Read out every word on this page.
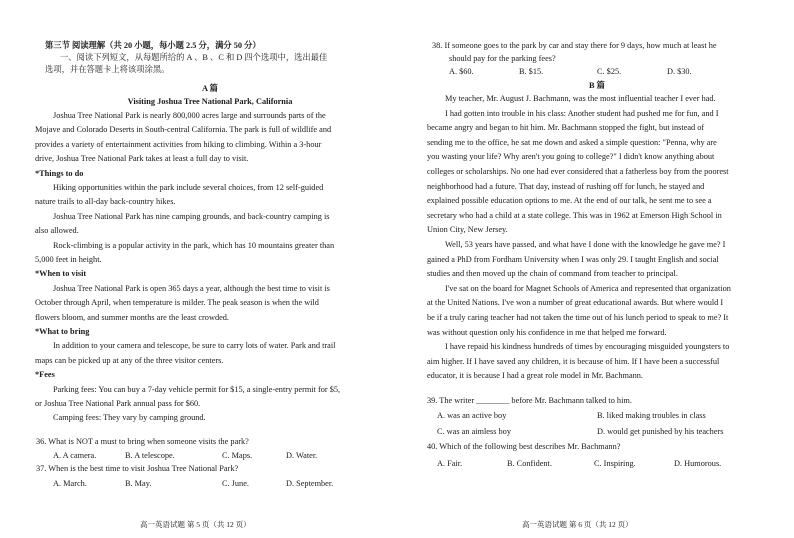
第三节 阅读理解（共 20 小题，每小题 2.5 分，满分 50 分）
一、阅读下列短文，从每题所给的 A 、B 、C 和 D 四个选项中，选出最佳
选项，并在答题卡上将该项涂黑。
A 篇
Visiting Joshua Tree National Park, California
Joshua Tree National Park is nearly 800,000 acres large and surrounds parts of the
Mojave and Colorado Deserts in South-central California. The park is full of wildlife and
provides a variety of entertainment activities from hiking to climbing. Within a 3-hour
drive, Joshua Tree National Park takes at least a full day to visit.
*Things to do
Hiking opportunities within the park include several choices, from 12 self-guided
nature trails to all-day back-country hikes.
Joshua Tree National Park has nine camping grounds, and back-country camping is
also allowed.
Rock-climbing is a popular activity in the park, which has 10 mountains greater than
5,000 feet in height.
*When to visit
Joshua Tree National Park is open 365 days a year, although the best time to visit is
October through April, when temperature is milder. The peak season is when the wild
flowers bloom, and summer months are the least crowded.
*What to bring
In addition to your camera and telescope, be sure to carry lots of water. Park and trail
maps can be picked up at any of the three visitor centers.
*Fees
Parking fees: You can buy a 7-day vehicle permit for $15, a single-entry permit for $5,
or Joshua Tree National Park annual pass for $60.
Camping fees: They vary by camping ground.
36. What is NOT a must to bring when someone visits the park?
A. A camera.	B. A telescope.	C. Maps.	D. Water.
37. When is the best time to visit Joshua Tree National Park?
A. March.	B. May.	C. June.	D. September.
高一英语试题 第 5 页（共 12 页）
38. If someone goes to the park by car and stay there for 9 days, how much at least he
should pay for the parking fees?
A. $60.	B. $15.	C. $25.	D. $30.
B 篇
My teacher, Mr. August J. Bachmann, was the most influential teacher I ever had.
I had gotten into trouble in his class: Another student had pushed me for fun, and I
became angry and began to hit him. Mr. Bachmann stopped the fight, but instead of
sending me to the office, he sat me down and asked a simple question: "Penna, why are
you wasting your life? Why aren't you going to college?" I didn't know anything about
colleges or scholarships. No one had ever considered that a fatherless boy from the poorest
neighborhood had a future. That day, instead of rushing off for lunch, he stayed and
explained possible education options to me. At the end of our talk, he sent me to see a
secretary who had a child at a state college. This was in 1962 at Emerson High School in
Union City, New Jersey.
Well, 53 years have passed, and what have I done with the knowledge he gave me? I
gained a PhD from Fordham University when I was only 29. I taught English and social
studies and then moved up the chain of command from teacher to principal.
I've sat on the board for Magnet Schools of America and represented that organization
at the United Nations. I've won a number of great educational awards. But where would I
be if a truly caring teacher had not taken the time out of his lunch period to speak to me? It
was without question only his confidence in me that helped me forward.
I have repaid his kindness hundreds of times by encouraging misguided youngsters to
aim higher. If I have saved any children, it is because of him. If I have been a successful
educator, it is because I had a great role model in Mr. Bachmann.
39. The writer ________ before Mr. Bachmann talked to him.
A. was an active boy	B. liked making troubles in class
C. was an aimless boy	D. would get punished by his teachers
40. Which of the following best describes Mr. Bachmann?
A. Fair.	B. Confident.	C. Inspiring.	D. Humorous.
高一英语试题 第 6 页（共 12 页）
